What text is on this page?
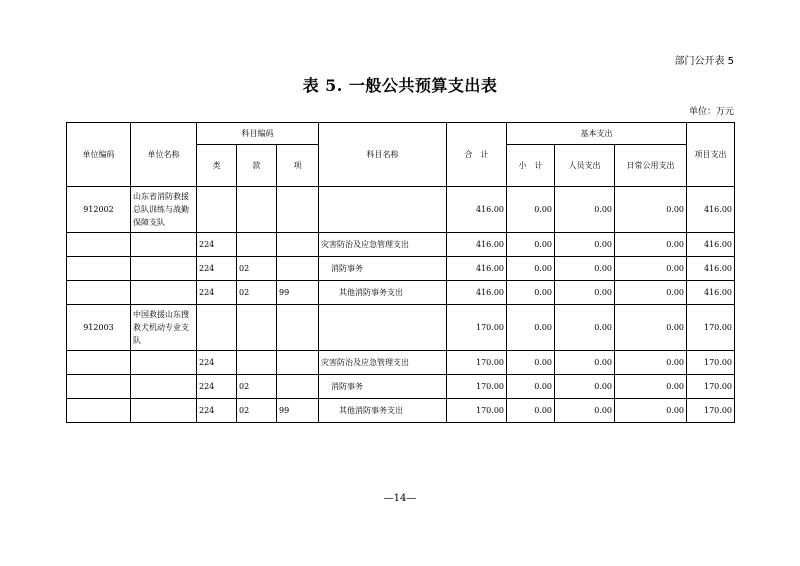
部门公开表 5
表 5. 一般公共预算支出表
单位：万元
单位编码	单位名称	科目编码			科目名称	合　计	基本支出			项目支出
		类	款	项			小　计	人员支出	日常公用支出	
912002	山东省消防救援总队训练与战勤保障支队					416.00	0.00	0.00	0.00	416.00
		224			灾害防治及应急管理支出	416.00	0.00	0.00	0.00	416.00
		224	02		消防事务	416.00	0.00	0.00	0.00	416.00
		224	02	99	其他消防事务支出	416.00	0.00	0.00	0.00	416.00
912003	中国救援山东搜救犬机动专业支队					170.00	0.00	0.00	0.00	170.00
		224			灾害防治及应急管理支出	170.00	0.00	0.00	0.00	170.00
		224	02		消防事务	170.00	0.00	0.00	0.00	170.00
		224	02	99	其他消防事务支出	170.00	0.00	0.00	0.00	170.00
—14—
